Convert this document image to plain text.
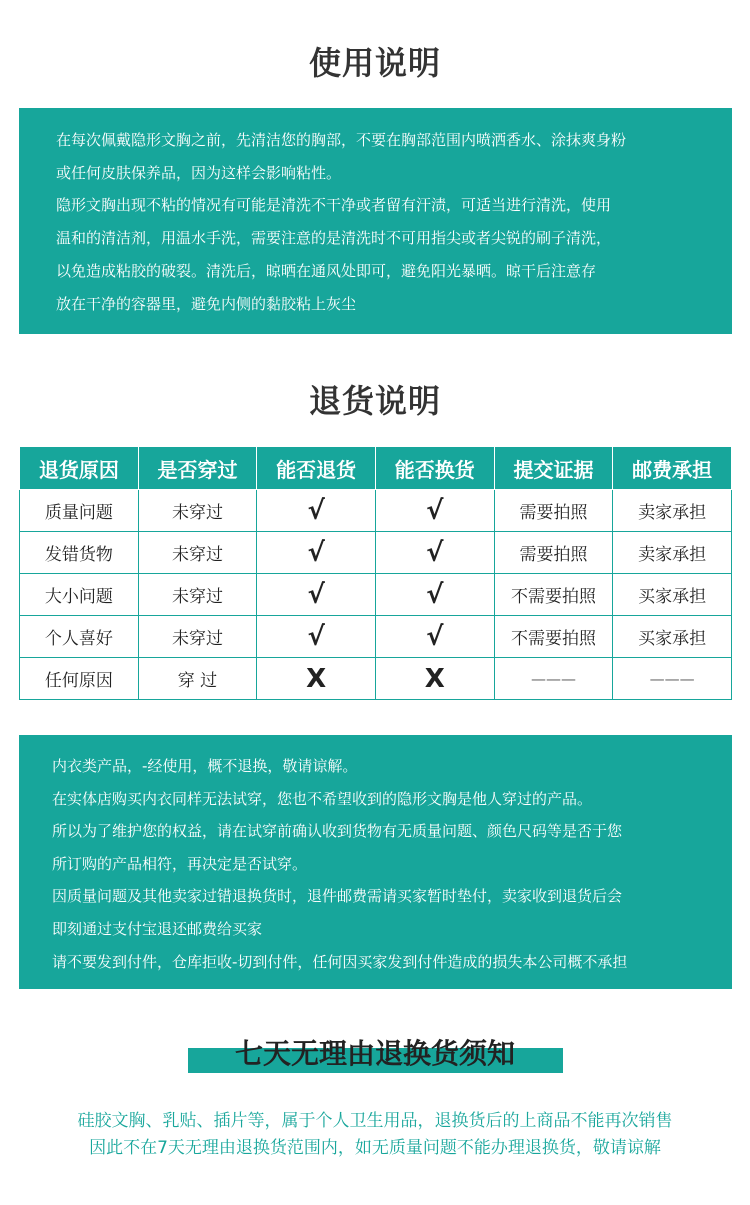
使用说明
在每次佩戴隐形文胸之前，先清洁您的胸部，不要在胸部范围内喷洒香水、涂抹爽身粉
或任何皮肤保养品，因为这样会影响粘性。
隐形文胸出现不粘的情况有可能是清洗不干净或者留有汗渍，可适当进行清洗，使用
温和的清洁剂，用温水手洗，需要注意的是清洗时不可用指尖或者尖锐的刷子清洗，
以免造成粘胶的破裂。清洗后，晾晒在通风处即可，避免阳光暴晒。晾干后注意存
放在干净的容器里，避免内侧的黏胶粘上灰尘
退货说明
退货原因	是否穿过	能否退货	能否换货	提交证据	邮费承担
质量问题	未穿过	√	√	需要拍照	卖家承担
发错货物	未穿过	√	√	需要拍照	卖家承担
大小问题	未穿过	√	√	不需要拍照	买家承担
个人喜好	未穿过	√	√	不需要拍照	买家承担
任何原因	穿 过	X	X	———	———
内衣类产品，-经使用，概不退换，敬请谅解。
在实体店购买内衣同样无法试穿，您也不希望收到的隐形文胸是他人穿过的产品。
所以为了维护您的权益，请在试穿前确认收到货物有无质量问题、颜色尺码等是否于您
所订购的产品相符，再决定是否试穿。
因质量问题及其他卖家过错退换货时，退件邮费需请买家暂时垫付，卖家收到退货后会
即刻通过支付宝退还邮费给买家
请不要发到付件，仓库拒收-切到付件，任何因买家发到付件造成的损失本公司概不承担
七天无理由退换货须知
硅胶文胸、乳贴、插片等，属于个人卫生用品，退换货后的上商品不能再次销售
因此不在7天无理由退换货范围内，如无质量问题不能办理退换货，敬请谅解
